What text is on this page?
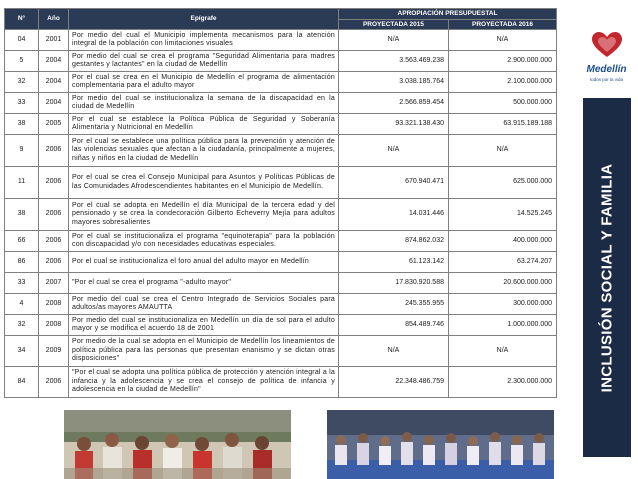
N°	Año	Epígrafe	APROPIACIÓN PRESUPUESTAL	
			PROYECTADA 2015	PROYECTADA 2016
04	2001	Por medio del cual el Municipio implementa mecanismos para la atención integral de la población con limitaciones visuales	N/A	N/A
5	2004	Por medio del cual se crea el programa "Seguridad Alimentaria para madres gestantes y lactantes" en la ciudad de Medellín	3.563.469.238	2.900.000.000
32	2004	Por el cual se crea en el Municipio de Medellín el programa de alimentación complementaria para el adulto mayor	3.038.185.764	2.100.000.000
33	2004	Por medio del cual se institucionaliza la semana de la discapacidad en la ciudad de Medellín	2.566.859.454	500.000.000
38	2005	Por el cual se establece la Política Pública de Seguridad y Soberanía Alimentaria y Nutricional en Medellín	93.321.138.430	63.915.189.188
9	2006	Por el cual se establece una política pública para la prevención y atención de las violencias sexuales que afectan a la ciudadanía, principalmente a mujeres, niñas y niños en la ciudad de Medellín	N/A	N/A
11	2006	Por el cual se crea el Consejo Municipal para Asuntos y Políticas Públicas de las Comunidades Afrodescendientes habitantes en el Municipio de Medellín.	670.940.471	625.000.000
38	2006	Por el cual se adopta en Medellín el día Municipal de la tercera edad y del pensionado y se crea la condecoración Gilberto Echeverry Mejía para adultos mayores sobresalientes	14.031.446	14.525.245
66	2006	Por el cual se institucionaliza el programa "equinoterapia" para la población con discapacidad y/o con necesidades educativas especiales.	874.862.032	400.000.000
86	2006	Por el cual se institucionaliza el foro anual del adulto mayor en Medellín	61.123.142	63.274.207
33	2007	"Por el cual se crea el programa "-adulto mayor"	17.830.920.588	20.600.000.000
4	2008	Por medio del cual se crea el Centro Integrado de Servicios Sociales para adultos/as mayores AMAUTTA	245.355.955	300.000.000
32	2008	Por medio del cual se institucionaliza en Medellín un día de sol para el adulto mayor y se modifica el acuerdo 18 de 2001	854.489.746	1.000.000.000
34	2009	Por medio de la cual se adopta en el Municipio de Medellín los lineamientos de política pública para las personas que presentan enanismo y se dictan otras disposiciones"	N/A	N/A
84	2006	"Por el cual se adopta una política pública de protección y atención integral a la infancia y la adolescencia y se crea el consejo de política de infancia y adolescencia en la ciudad de Medellín"	22.348.486.759	2.300.000.000
Medellín
todos por la vida
INCLUSIÓN SOCIAL Y FAMILIA
